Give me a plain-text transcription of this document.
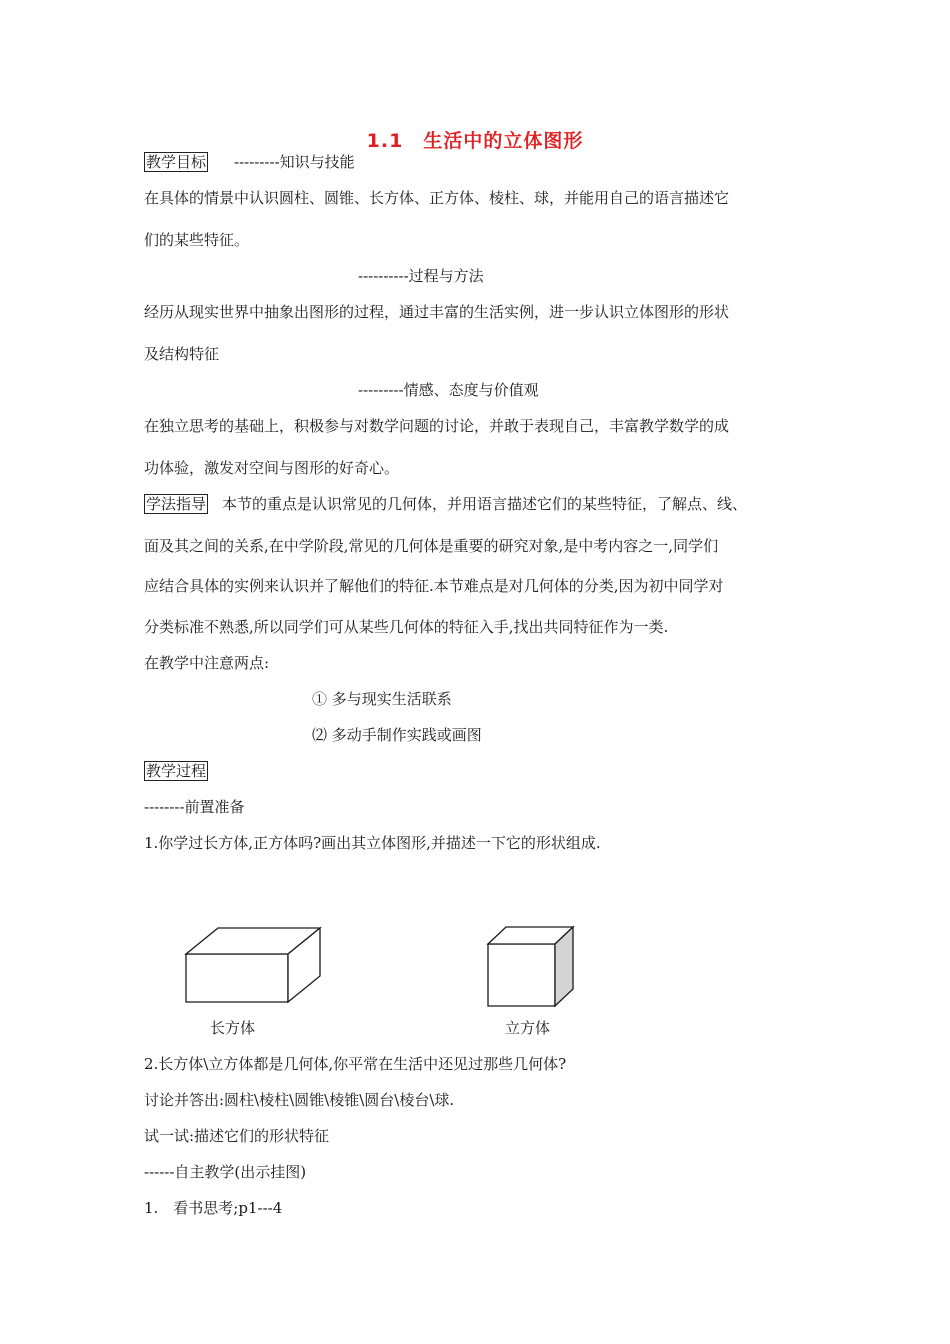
1.1　生活中的立体图形
教学目标 ---------知识与技能
在具体的情景中认识圆柱、圆锥、长方体、正方体、棱柱、球，并能用自己的语言描述它
们的某些特征。
----------过程与方法
经历从现实世界中抽象出图形的过程，通过丰富的生活实例，进一步认识立体图形的形状
及结构特征
---------情感、态度与价值观
在独立思考的基础上，积极参与对数学问题的讨论，并敢于表现自己，丰富教学数学的成
功体验，激发对空间与图形的好奇心。
学法指导 本节的重点是认识常见的几何体，并用语言描述它们的某些特征，了解点、线、
面及其之间的关系,在中学阶段,常见的几何体是重要的研究对象,是中考内容之一,同学们
应结合具体的实例来认识并了解他们的特征.本节难点是对几何体的分类,因为初中同学对
分类标准不熟悉,所以同学们可从某些几何体的特征入手,找出共同特征作为一类.
在教学中注意两点:
① 多与现实生活联系
⑵ 多动手制作实践或画图
教学过程
--------前置准备
1.你学过长方体,正方体吗?画出其立体图形,并描述一下它的形状组成.
长方体	立方体
2.长方体\立方体都是几何体,你平常在生活中还见过那些几何体?
讨论并答出:圆柱\棱柱\圆锥\棱锥\圆台\棱台\球.
试一试:描述它们的形状特征
------自主教学(出示挂图)
1.　看书思考;p1---4
